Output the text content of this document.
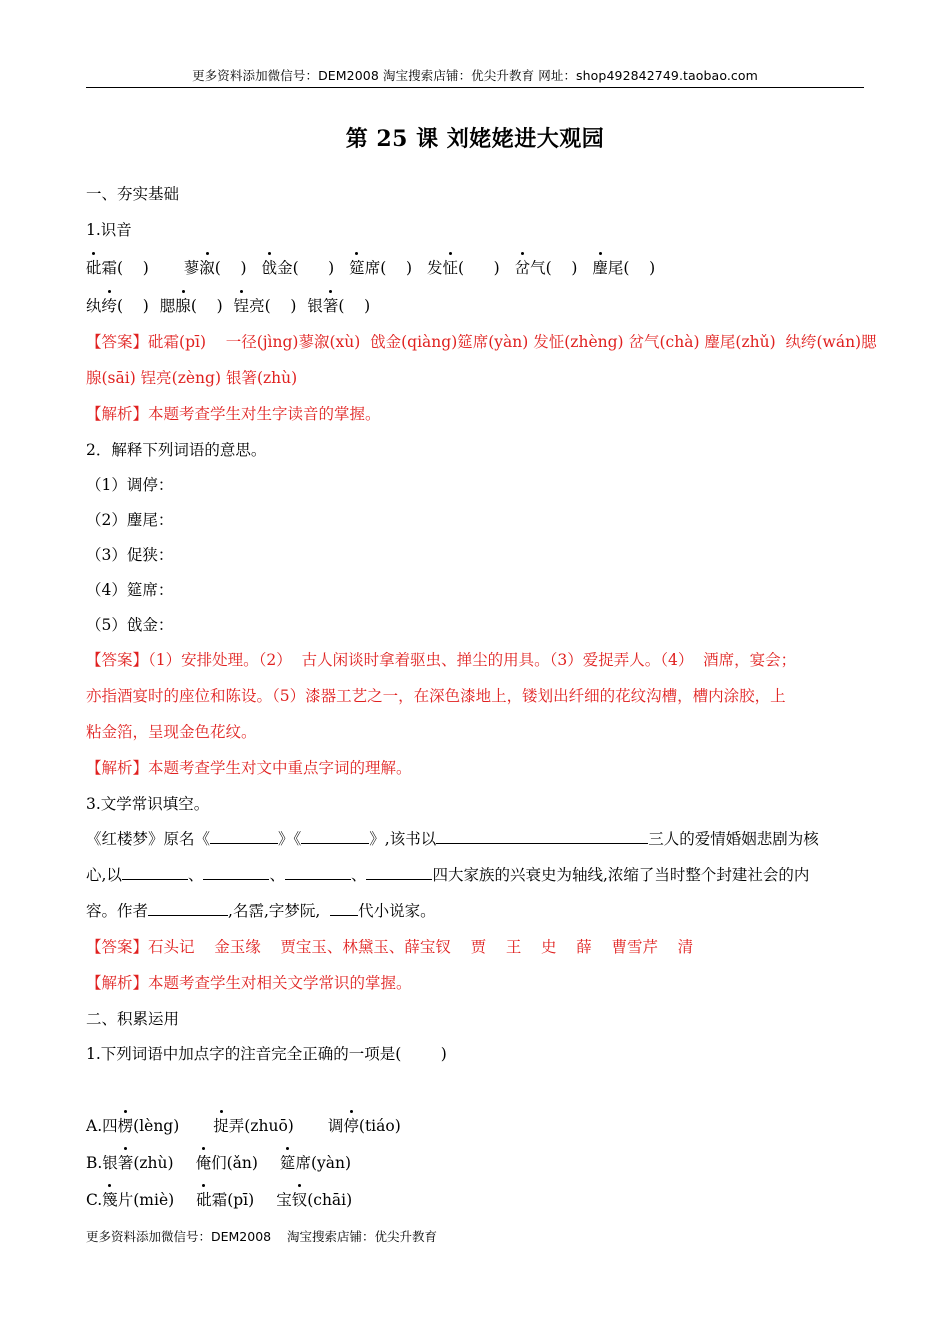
更多资料添加微信号：DEM2008 淘宝搜索店铺：优尖升教育 网址：shop492842749.taobao.com
第 25 课 刘姥姥进大观园
一、夯实基础
1.识音
砒霜(    ) 蓼溆(    ) 戗金(      ) 筵席(    ) 发怔(      ) 岔气(    ) 麈尾(    )
纨绔(    ) 腮腺(    ) 锃亮(    ) 银箸(    )
【答案】砒霜(pī)    一径(jìng)蓼溆(xù)  戗金(qiàng)筵席(yàn) 发怔(zhèng) 岔气(chà) 麈尾(zhǔ)  纨绔(wán)腮
腺(sāi) 锃亮(zèng) 银箸(zhù)
【解析】本题考查学生对生字读音的掌握。
2．解释下列词语的意思。
（1）调停：
（2）麈尾：
（3）促狭：
（4）筵席：
（5）戗金：
【答案】（1）安排处理。（2）  古人闲谈时拿着驱虫、掸尘的用具。（3）爱捉弄人。（4）  酒席，宴会；
亦指酒宴时的座位和陈设。（5）漆器工艺之一，在深色漆地上，镂划出纤细的花纹沟槽，槽内涂胶，上
粘金箔，呈现金色花纹。
【解析】本题考查学生对文中重点字词的理解。
3.文学常识填空。
《红楼梦》原名《	》《	》,该书以	三人的爱情婚姻悲剧为核
心,以	、	、	、	四大家族的兴衰史为轴线,浓缩了当时整个封建社会的内
容。作者	,名霑,字梦阮,  代小说家。
【答案】石头记    金玉缘    贾宝玉、林黛玉、薛宝钗    贾    王    史    薛    曹雪芹    清
【解析】本题考查学生对相关文学常识的掌握。
二、积累运用
1.下列词语中加点字的注音完全正确的一项是(        )
A.四楞(lèng) 捉弄(zhuō) 调停(tiáo)
B.银箸(zhù) 俺们(ǎn) 筵席(yàn)
C.篾片(miè) 砒霜(pī) 宝钗(chāi)
更多资料添加微信号：DEM2008    淘宝搜索店铺：优尖升教育
